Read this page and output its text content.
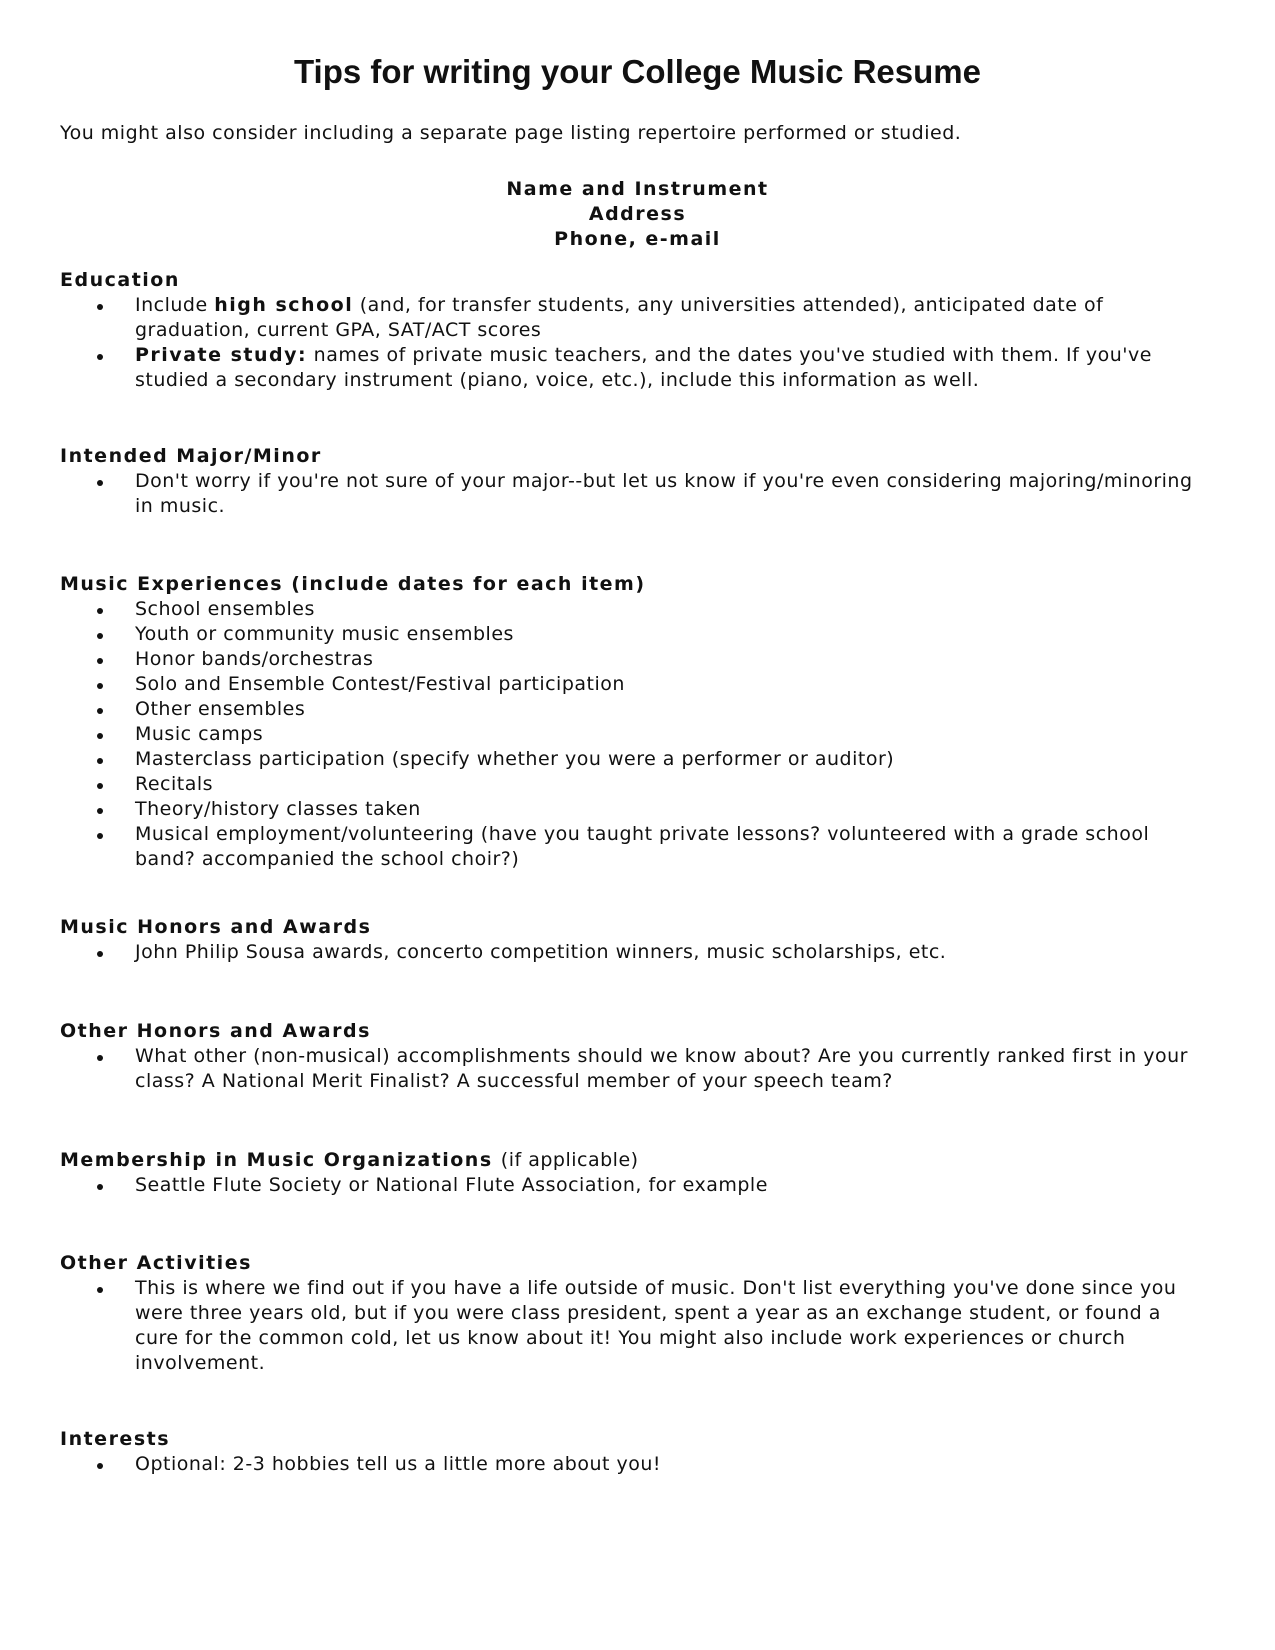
Tips for writing your College Music Resume

You might also consider including a separate page listing repertoire performed or studied.

Name and Instrument
Address
Phone, e-mail
Education
Include high school (and, for transfer students, any universities attended), anticipated date of graduation, current GPA, SAT/ACT scores
Private study: names of private music teachers, and the dates you've studied with them. If you've studied a secondary instrument (piano, voice, etc.), include this information as well.
Intended Major/Minor
Don't worry if you're not sure of your major--but let us know if you're even considering majoring/minoring in music.
Music Experiences (include dates for each item)
School ensembles
Youth or community music ensembles
Honor bands/orchestras
Solo and Ensemble Contest/Festival participation
Other ensembles
Music camps
Masterclass participation (specify whether you were a performer or auditor)
Recitals
Theory/history classes taken
Musical employment/volunteering (have you taught private lessons? volunteered with a grade school band? accompanied the school choir?)
Music Honors and Awards
John Philip Sousa awards, concerto competition winners, music scholarships, etc.
Other Honors and Awards
What other (non-musical) accomplishments should we know about? Are you currently ranked first in your class? A National Merit Finalist? A successful member of your speech team?
Membership in Music Organizations (if applicable)
Seattle Flute Society or National Flute Association, for example
Other Activities
This is where we find out if you have a life outside of music. Don't list everything you've done since you were three years old, but if you were class president, spent a year as an exchange student, or found a cure for the common cold, let us know about it! You might also include work experiences or church involvement.
Interests
Optional: 2-3 hobbies tell us a little more about you!
